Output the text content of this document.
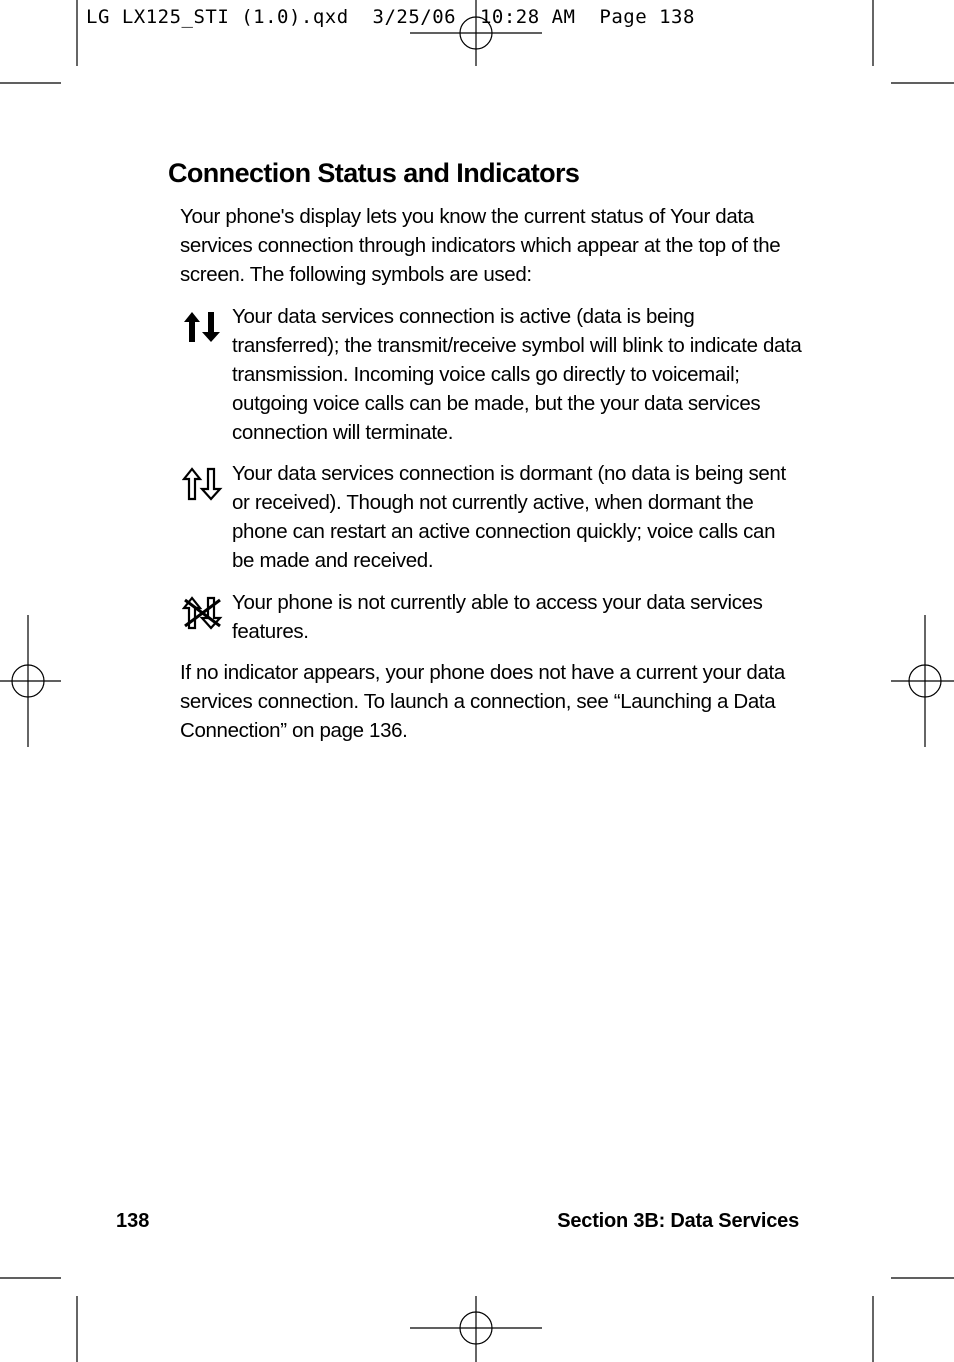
LG LX125_STI (1.0).qxd  3/25/06  10:28 AM  Page 138
Connection Status and Indicators

Your phone's display lets you know the current status of Your data services connection through indicators which appear at the top of the screen. The following symbols are used:

Your data services connection is active (data is being transferred); the transmit/receive symbol will blink to indicate data transmission. Incoming voice calls go directly to voicemail; outgoing voice calls can be made, but the your data services connection will terminate.

Your data services connection is dormant (no data is being sent or received). Though not currently active, when dormant the phone can restart an active connection quickly; voice calls can be made and received.

Your phone is not currently able to access your data services features.

If no indicator appears, your phone does not have a current your data services connection. To launch a connection, see “Launching a Data Connection” on page 136.

138	Section 3B: Data Services
